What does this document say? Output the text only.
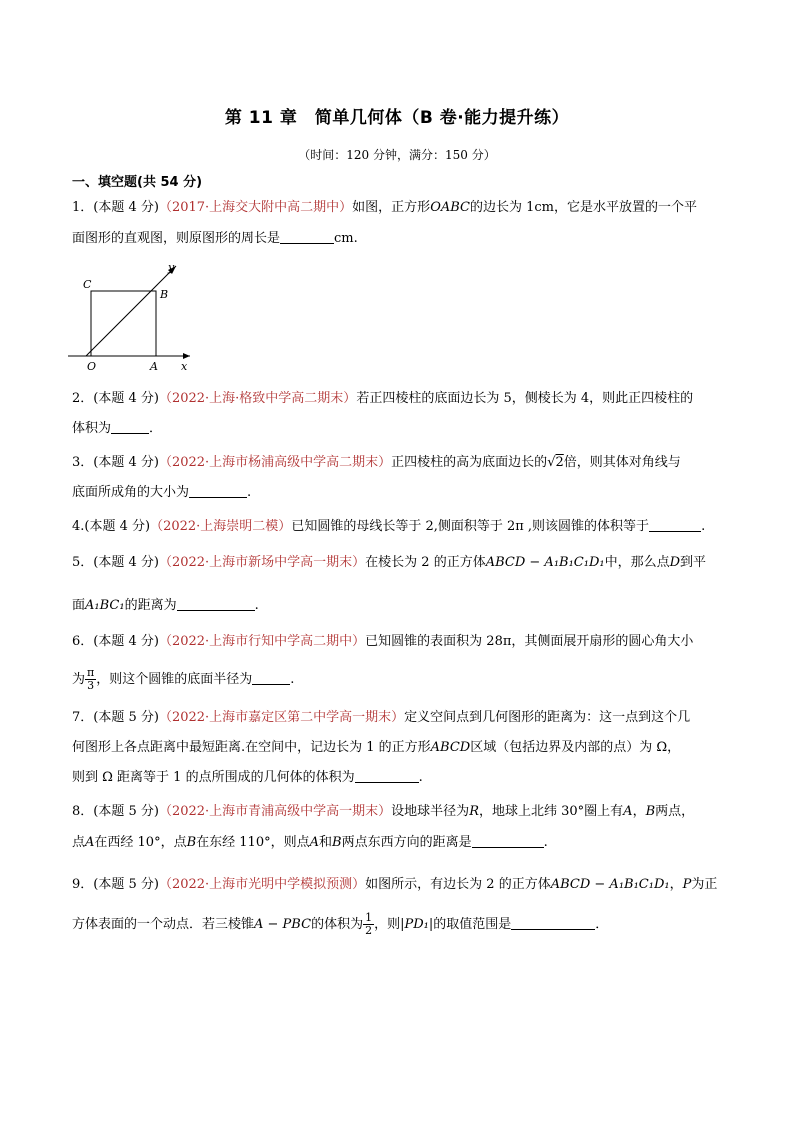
第 11 章　简单几何体（B 卷·能力提升练）
（时间：120 分钟，满分：150 分）
一、填空题(共 54 分)
1．(本题 4 分)（2017·上海交大附中高二期中）如图，正方形OABC的边长为 1cm，它是水平放置的一个平
面图形的直观图，则原图形的周长是	cm.
C
B
O	A x
y
2．(本题 4 分)（2022·上海·格致中学高二期末）若正四棱柱的底面边长为 5，侧棱长为 4，则此正四棱柱的
体积为	．
3．(本题 4 分)（2022·上海市杨浦高级中学高二期末）正四棱柱的高为底面边长的√2倍，则其体对角线与
底面所成角的大小为	.
4.(本题 4 分)（2022·上海崇明二模）已知圆锥的母线长等于 2,侧面积等于 2π ,则该圆锥的体积等于	.
5．(本题 4 分)（2022·上海市新场中学高一期末）在棱长为 2 的正方体ABCD − A₁B₁C₁D₁中，那么点D到平
面A₁BC₁的距离为	.
6．(本题 4 分)（2022·上海市行知中学高二期中）已知圆锥的表面积为 28π，其侧面展开扇形的圆心角大小
为 $\frac{\pi}{3}$ ，则这个圆锥的底面半径为	.
7．(本题 5 分)（2022·上海市嘉定区第二中学高一期末）定义空间点到几何图形的距离为：这一点到这个几
何图形上各点距离中最短距离.在空间中，记边长为 1 的正方形ABCD区域（包括边界及内部的点）为 Ω，
则到 Ω 距离等于 1 的点所围成的几何体的体积为	.
8．(本题 5 分)（2022·上海市青浦高级中学高一期末）设地球半径为R，地球上北纬 30°圈上有A，B两点，
点A在西经 10°，点B在东经 110°，则点A和B两点东西方向的距离是	.
9．(本题 5 分)（2022·上海市光明中学模拟预测）如图所示，有边长为 2 的正方体ABCD − A₁B₁C₁D₁，P为正
方体表面的一个动点．若三棱锥A − PBC的体积为 $\frac{1}{2}$ ，则|PD₁|的取值范围是	．
